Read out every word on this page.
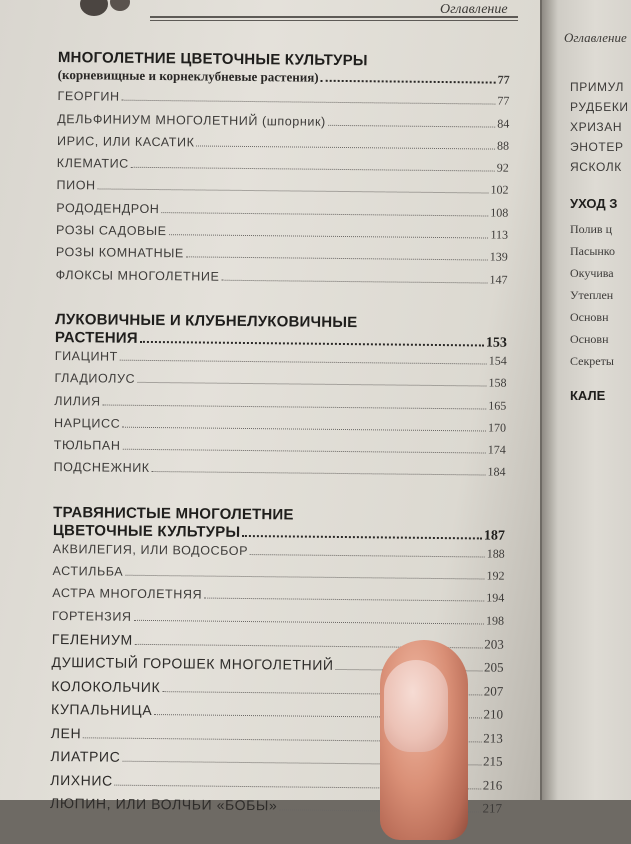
Оглавление
МНОГОЛЕТНИЕ ЦВЕТОЧНЫЕ КУЛЬТУРЫ
(корневищные и корнеклубневые растения)	77
ГЕОРГИН	77
ДЕЛЬФИНИУМ МНОГОЛЕТНИЙ (шпорник)	84
ИРИС, ИЛИ КАСАТИК	88
КЛЕМАТИС	92
ПИОН	102
РОДОДЕНДРОН	108
РОЗЫ САДОВЫЕ	113
РОЗЫ КОМНАТНЫЕ	139
ФЛОКСЫ МНОГОЛЕТНИЕ	147
ЛУКОВИЧНЫЕ И КЛУБНЕЛУКОВИЧНЫЕ
РАСТЕНИЯ	153
ГИАЦИНТ	154
ГЛАДИОЛУС	158
ЛИЛИЯ	165
НАРЦИСС	170
ТЮЛЬПАН	174
ПОДСНЕЖНИК	184
ТРАВЯНИСТЫЕ МНОГОЛЕТНИЕ
ЦВЕТОЧНЫЕ КУЛЬТУРЫ	187
АКВИЛЕГИЯ, ИЛИ ВОДОСБОР	188
АСТИЛЬБА	192
АСТРА МНОГОЛЕТНЯЯ	194
ГОРТЕНЗИЯ	198
ГЕЛЕНИУМ	203
ДУШИСТЫЙ ГОРОШЕК МНОГОЛЕТНИЙ	205
КОЛОКОЛЬЧИК	207
КУПАЛЬНИЦА	210
ЛЕН	213
ЛИАТРИС	215
ЛИХНИС	216
ЛЮПИН, ИЛИ ВОЛЧЬИ «БОБЫ»	217
Оглавление
ПРИМУЛ
РУДБЕКИ
ХРИЗАН
ЭНОТЕР
ЯСКОЛК
УХОД З
Полив ц
Пасынко
Окучива
Утеплен
Основн
Основн
Секреты
КАЛЕ
